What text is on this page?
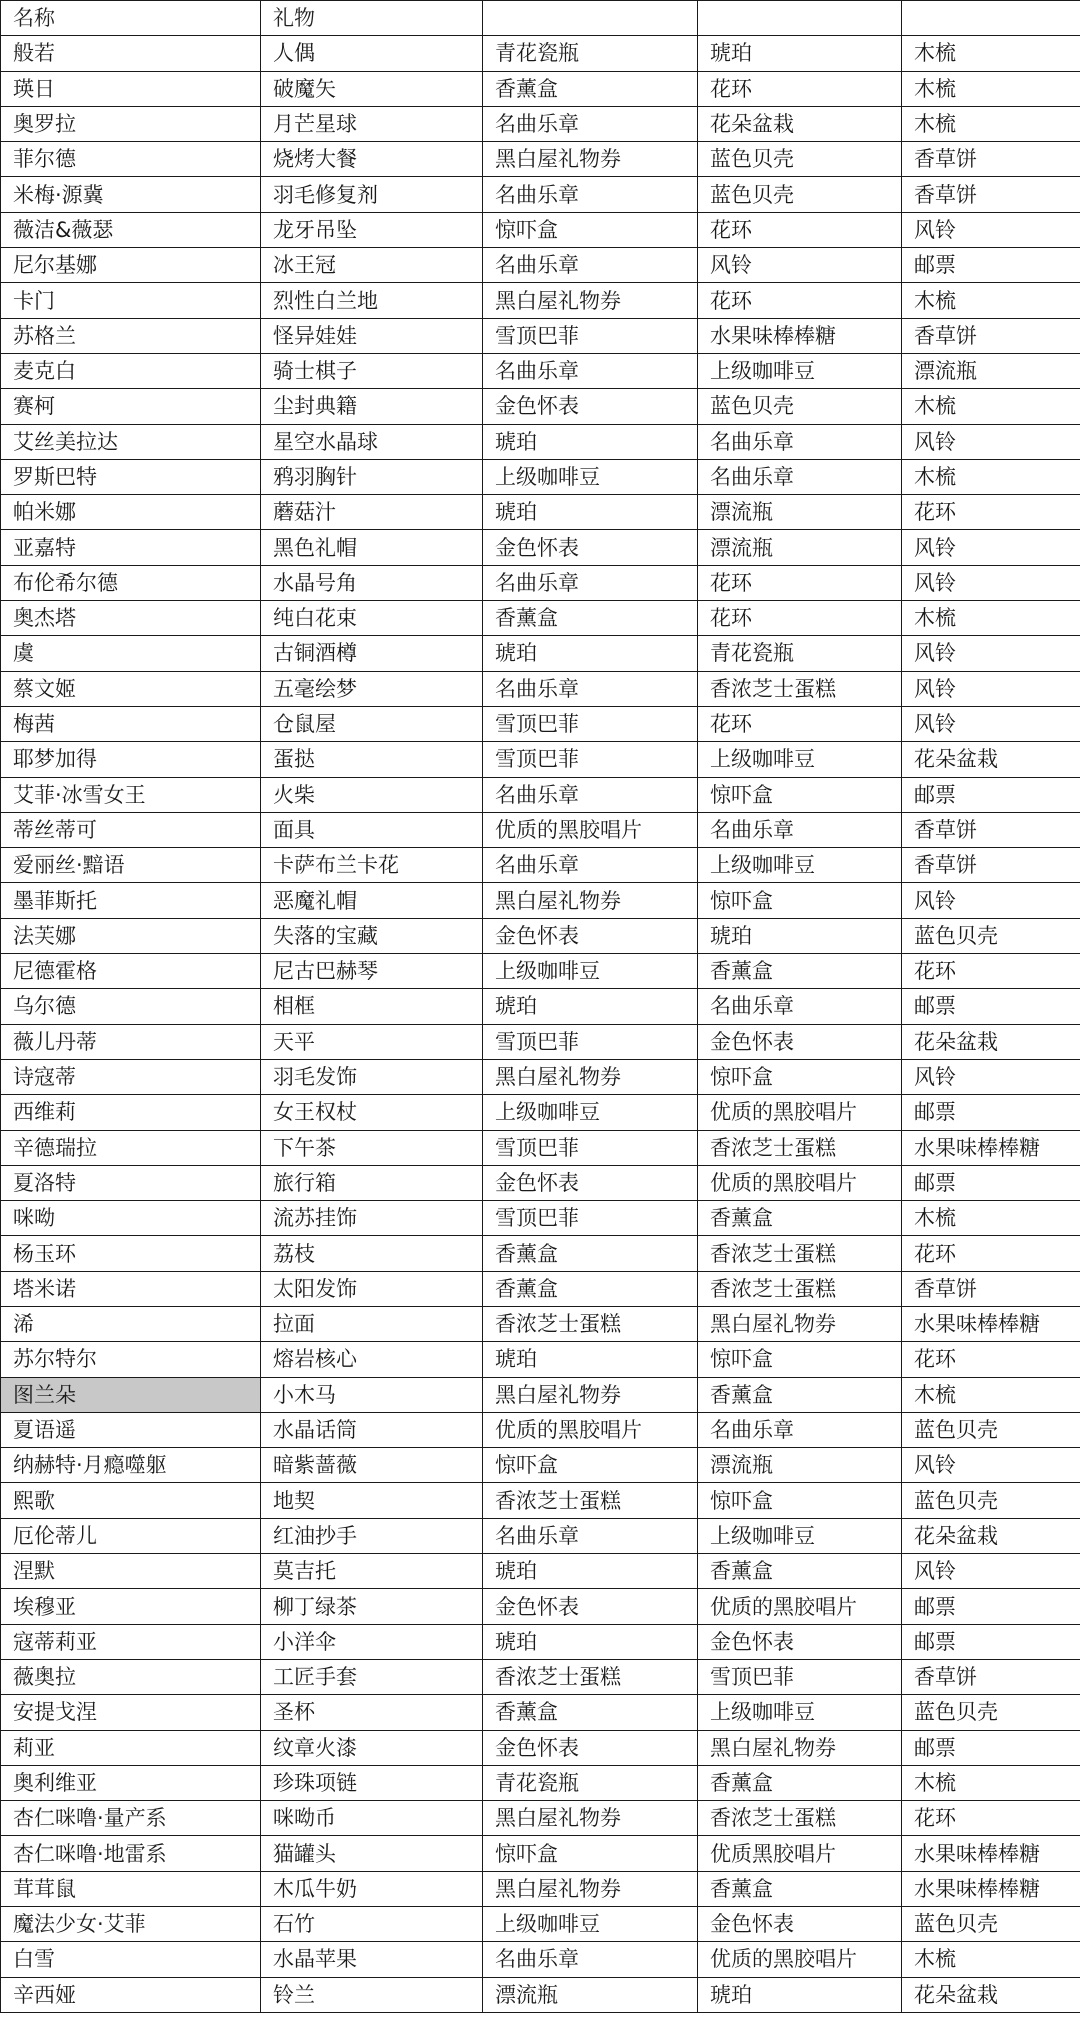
名称	礼物			
般若	人偶	青花瓷瓶	琥珀	木梳
瑛日	破魔矢	香薰盒	花环	木梳
奥罗拉	月芒星球	名曲乐章	花朵盆栽	木梳
菲尔德	烧烤大餐	黑白屋礼物券	蓝色贝壳	香草饼
米梅·源冀	羽毛修复剂	名曲乐章	蓝色贝壳	香草饼
薇洁&薇瑟	龙牙吊坠	惊吓盒	花环	风铃
尼尔基娜	冰王冠	名曲乐章	风铃	邮票
卡门	烈性白兰地	黑白屋礼物券	花环	木梳
苏格兰	怪异娃娃	雪顶巴菲	水果味棒棒糖	香草饼
麦克白	骑士棋子	名曲乐章	上级咖啡豆	漂流瓶
赛柯	尘封典籍	金色怀表	蓝色贝壳	木梳
艾丝美拉达	星空水晶球	琥珀	名曲乐章	风铃
罗斯巴特	鸦羽胸针	上级咖啡豆	名曲乐章	木梳
帕米娜	蘑菇汁	琥珀	漂流瓶	花环
亚嘉特	黑色礼帽	金色怀表	漂流瓶	风铃
布伦希尔德	水晶号角	名曲乐章	花环	风铃
奥杰塔	纯白花束	香薰盒	花环	木梳
虞	古铜酒樽	琥珀	青花瓷瓶	风铃
蔡文姬	五毫绘梦	名曲乐章	香浓芝士蛋糕	风铃
梅茜	仓鼠屋	雪顶巴菲	花环	风铃
耶梦加得	蛋挞	雪顶巴菲	上级咖啡豆	花朵盆栽
艾菲·冰雪女王	火柴	名曲乐章	惊吓盒	邮票
蒂丝蒂可	面具	优质的黑胶唱片	名曲乐章	香草饼
爱丽丝·黯语	卡萨布兰卡花	名曲乐章	上级咖啡豆	香草饼
墨菲斯托	恶魔礼帽	黑白屋礼物券	惊吓盒	风铃
法芙娜	失落的宝藏	金色怀表	琥珀	蓝色贝壳
尼德霍格	尼古巴赫琴	上级咖啡豆	香薰盒	花环
乌尔德	相框	琥珀	名曲乐章	邮票
薇儿丹蒂	天平	雪顶巴菲	金色怀表	花朵盆栽
诗寇蒂	羽毛发饰	黑白屋礼物券	惊吓盒	风铃
西维莉	女王权杖	上级咖啡豆	优质的黑胶唱片	邮票
辛德瑞拉	下午茶	雪顶巴菲	香浓芝士蛋糕	水果味棒棒糖
夏洛特	旅行箱	金色怀表	优质的黑胶唱片	邮票
咪呦	流苏挂饰	雪顶巴菲	香薰盒	木梳
杨玉环	荔枝	香薰盒	香浓芝士蛋糕	花环
塔米诺	太阳发饰	香薰盒	香浓芝士蛋糕	香草饼
浠	拉面	香浓芝士蛋糕	黑白屋礼物券	水果味棒棒糖
苏尔特尔	熔岩核心	琥珀	惊吓盒	花环
图兰朵	小木马	黑白屋礼物券	香薰盒	木梳
夏语遥	水晶话筒	优质的黑胶唱片	名曲乐章	蓝色贝壳
纳赫特·月瘾噬躯	暗紫蔷薇	惊吓盒	漂流瓶	风铃
熙歌	地契	香浓芝士蛋糕	惊吓盒	蓝色贝壳
厄伦蒂儿	红油抄手	名曲乐章	上级咖啡豆	花朵盆栽
涅默	莫吉托	琥珀	香薰盒	风铃
埃穆亚	柳丁绿茶	金色怀表	优质的黑胶唱片	邮票
寇蒂莉亚	小洋伞	琥珀	金色怀表	邮票
薇奥拉	工匠手套	香浓芝士蛋糕	雪顶巴菲	香草饼
安提戈涅	圣杯	香薰盒	上级咖啡豆	蓝色贝壳
莉亚	纹章火漆	金色怀表	黑白屋礼物券	邮票
奥利维亚	珍珠项链	青花瓷瓶	香薰盒	木梳
杏仁咪噜·量产系	咪呦币	黑白屋礼物券	香浓芝士蛋糕	花环
杏仁咪噜·地雷系	猫罐头	惊吓盒	优质黑胶唱片	水果味棒棒糖
茸茸鼠	木瓜牛奶	黑白屋礼物券	香薰盒	水果味棒棒糖
魔法少女·艾菲	石竹	上级咖啡豆	金色怀表	蓝色贝壳
白雪	水晶苹果	名曲乐章	优质的黑胶唱片	木梳
辛西娅	铃兰	漂流瓶	琥珀	花朵盆栽
